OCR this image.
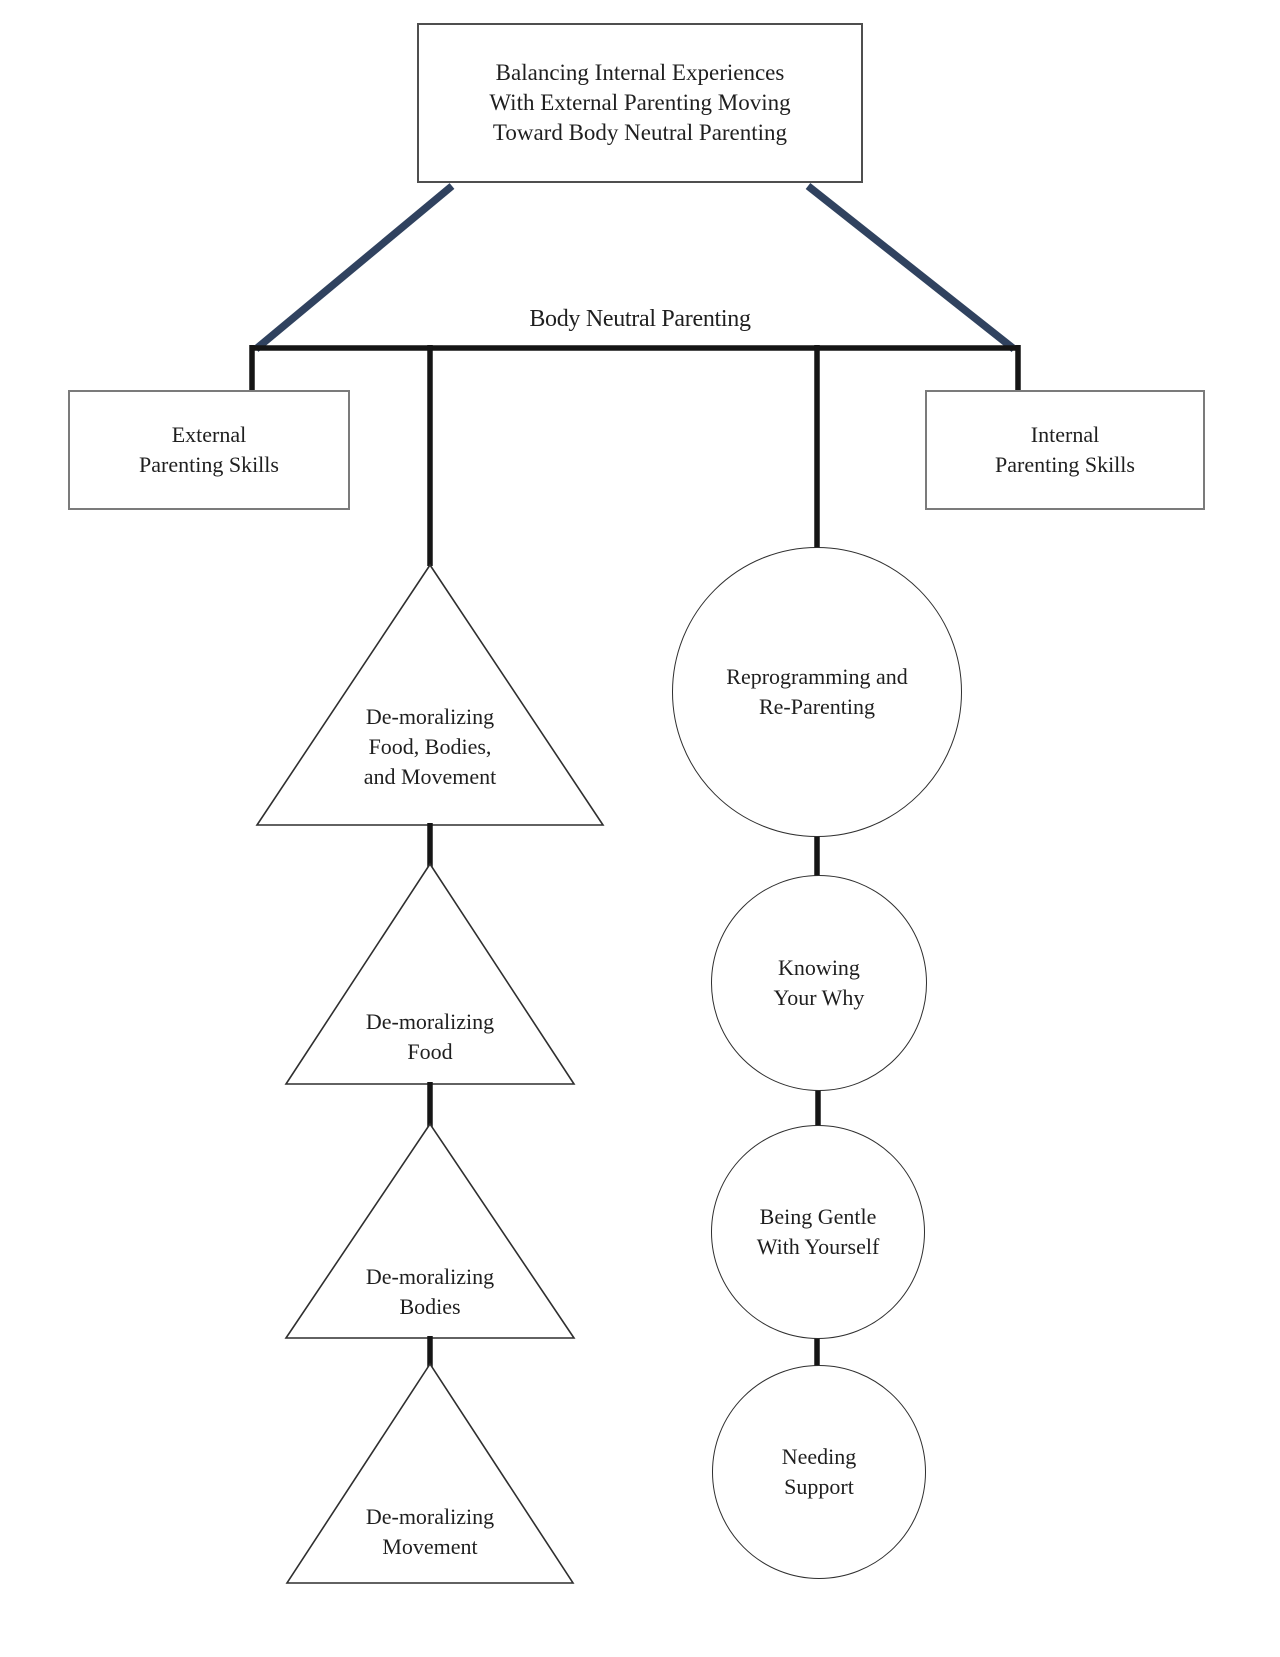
Balancing Internal Experiences
With External Parenting Moving
Toward Body Neutral Parenting
Body Neutral Parenting
External
Parenting Skills
Internal
Parenting Skills
De-moralizing
Food, Bodies,
and Movement
De-moralizing
Food
De-moralizing
Bodies
De-moralizing
Movement
Reprogramming and
Re-Parenting
Knowing
Your Why
Being Gentle
With Yourself
Needing
Support
